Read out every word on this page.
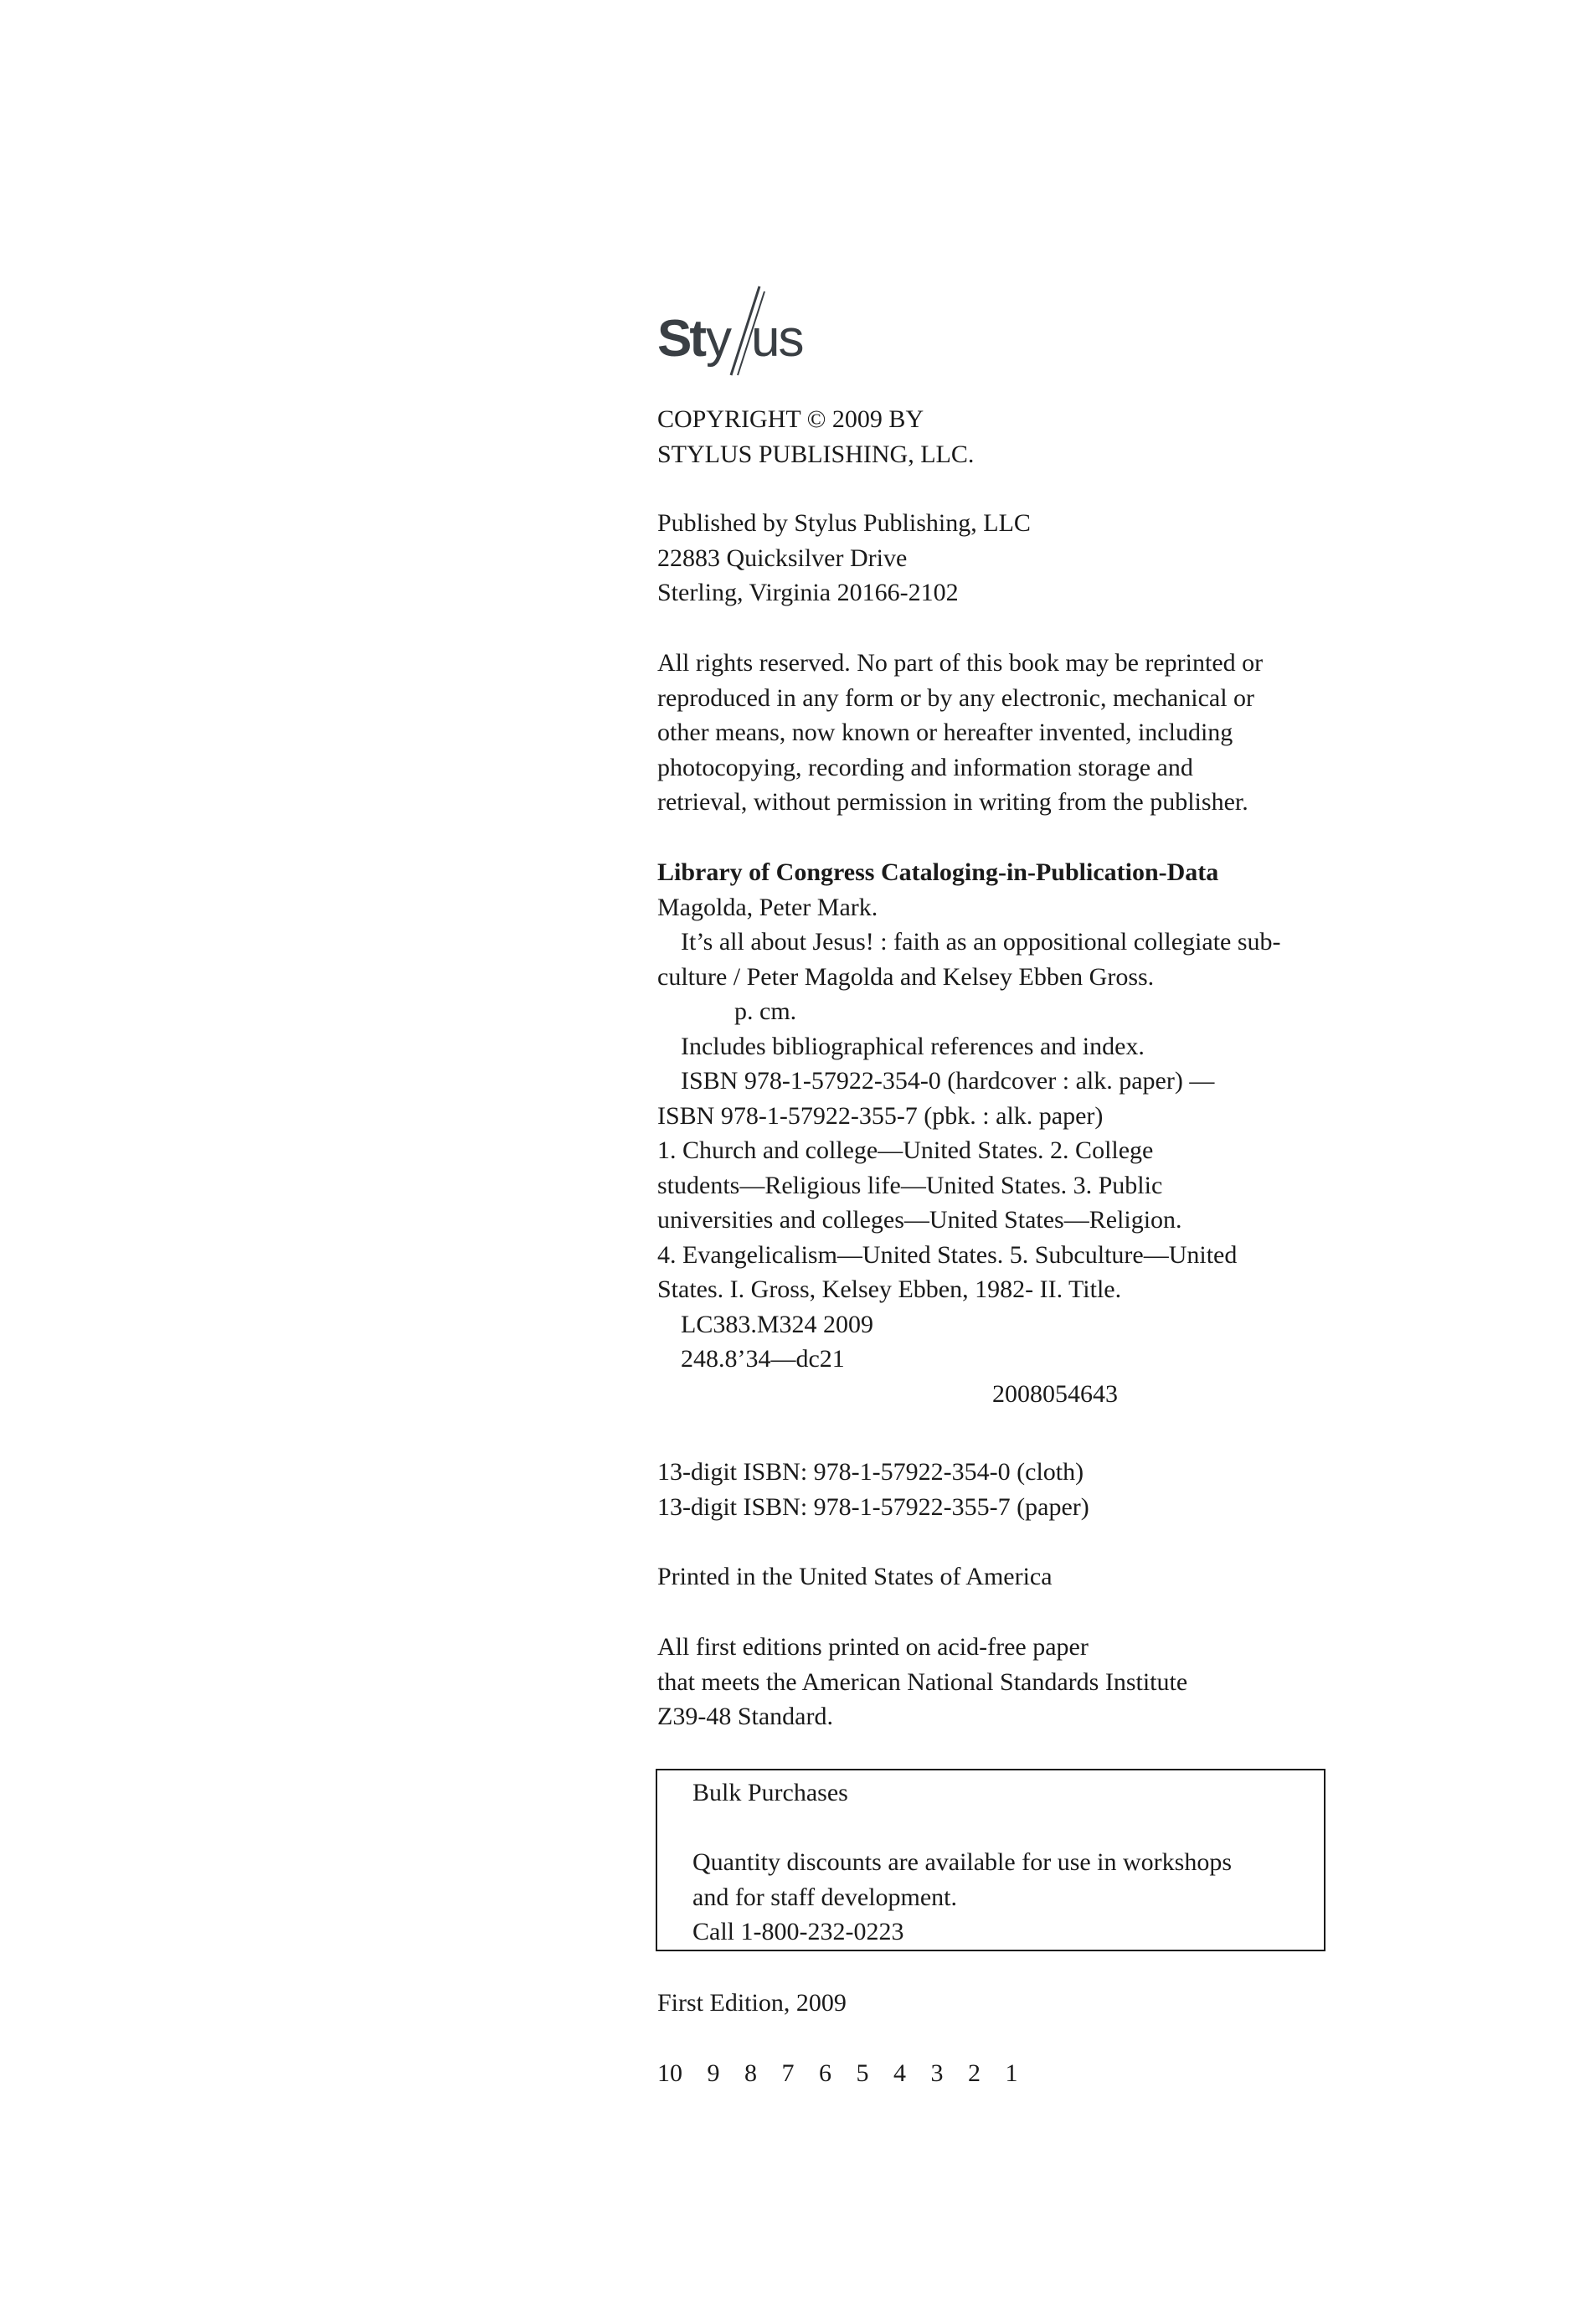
St y us
COPYRIGHT © 2009 BY
STYLUS PUBLISHING, LLC.
Published by Stylus Publishing, LLC
22883 Quicksilver Drive
Sterling, Virginia 20166-2102
All rights reserved. No part of this book may be reprinted or
reproduced in any form or by any electronic, mechanical or
other means, now known or hereafter invented, including
photocopying, recording and information storage and
retrieval, without permission in writing from the publisher.
Library of Congress Cataloging-in-Publication-Data
Magolda, Peter Mark.
It’s all about Jesus! : faith as an oppositional collegiate sub-
culture / Peter Magolda and Kelsey Ebben Gross.
p. cm.
Includes bibliographical references and index.
ISBN 978-1-57922-354-0 (hardcover : alk. paper) —
ISBN 978-1-57922-355-7 (pbk. : alk. paper)
1. Church and college—United States. 2. College
students—Religious life—United States. 3. Public
universities and colleges—United States—Religion.
4. Evangelicalism—United States. 5. Subculture—United
States. I. Gross, Kelsey Ebben, 1982- II. Title.
LC383.M324 2009
248.8’34—dc21
2008054643
13-digit ISBN: 978-1-57922-354-0 (cloth)
13-digit ISBN: 978-1-57922-355-7 (paper)
Printed in the United States of America
All first editions printed on acid-free paper
that meets the American National Standards Institute
Z39-48 Standard.
Bulk Purchases
Quantity discounts are available for use in workshops
and for staff development.
Call 1-800-232-0223
First Edition, 2009
10 9 8 7 6 5 4 3 2 1
